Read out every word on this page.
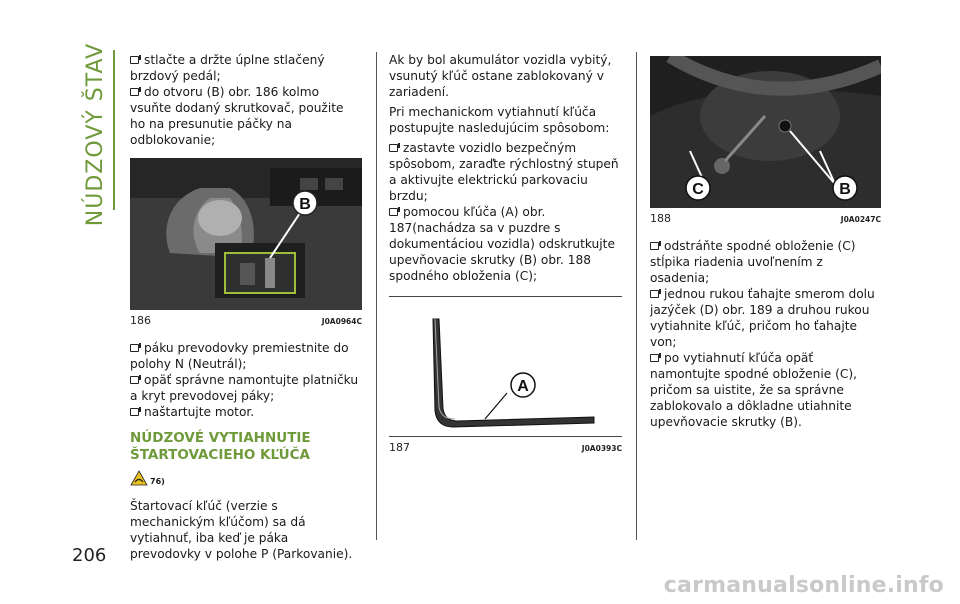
NÚDZOVÝ ŠTAV
206
stlačte a držte úplne stlačený brzdový pedál;
do otvoru (B) obr. 186 kolmo vsuňte dodaný skrutkovač, použite ho na presunutie páčky na odblokovanie;
B
186	J0A0964C
páku prevodovky premiestnite do polohy N (Neutrál);
opäť správne namontujte platničku a kryt prevodovej páky;
naštartujte motor.
NÚDZOVÉ VYTIAHNUTIE
ŠTARTOVACIEHO KĽÚČA
76)
Štartovací kľúč (verzie s mechanickým kľúčom) sa dá vytiahnuť, iba keď je páka prevodovky v polohe P (Parkovanie).
Ak by bol akumulátor vozidla vybitý, vsunutý kľúč ostane zablokovaný v zariadení.
Pri mechanickom vytiahnutí kľúča postupujte nasledujúcim spôsobom:
zastavte vozidlo bezpečným spôsobom, zaraďte rýchlostný stupeň a aktivujte elektrickú parkovaciu brzdu;
pomocou kľúča (A) obr. 187(nachádza sa v puzdre s dokumentáciou vozidla) odskrutkujte upevňovacie skrutky (B) obr. 188 spodného obloženia (C);
A
187	J0A0393C
C	B
188	J0A0247C
odstráňte spodné obloženie (C) stĺpika riadenia uvoľnením z osadenia;
jednou rukou ťahajte smerom dolu jazýček (D) obr. 189 a druhou rukou vytiahnite kľúč, pričom ho ťahajte von;
po vytiahnutí kľúča opäť namontujte spodné obloženie (C), pričom sa uistite, že sa správne zablokovalo a dôkladne utiahnite upevňovacie skrutky (B).
carmanualsonline.info
